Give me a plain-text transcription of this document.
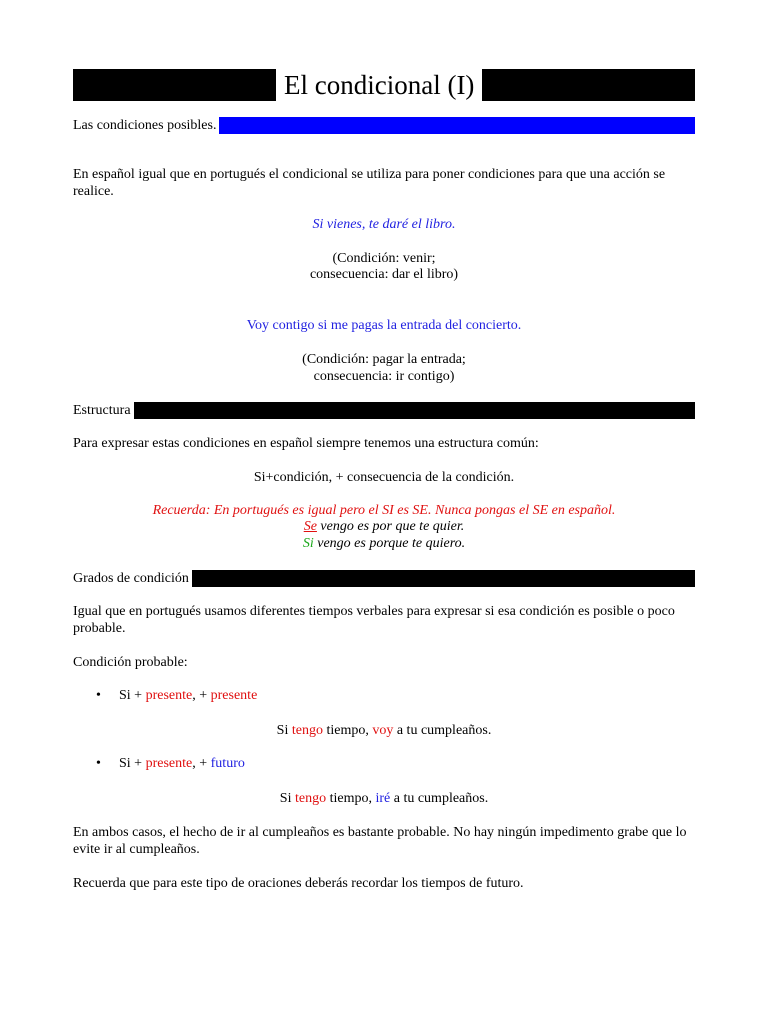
El condicional (I)
Las condiciones posibles.
En español igual que en portugués el condicional se utiliza para poner condiciones para que una acción se realice.
Si vienes, te daré el libro.
(Condición: venir;
consecuencia: dar el libro)
Voy contigo si me pagas la entrada del concierto.
(Condición: pagar la entrada;
consecuencia: ir contigo)
Estructura
Para expresar estas condiciones en español siempre tenemos una estructura común:
Si+condición, + consecuencia de la condición.
Recuerda: En portugués es igual pero el SI es SE. Nunca pongas el SE en español.
Se vengo es por que te quier.
Si vengo es porque te quiero.
Grados de condición
Igual que en portugués usamos diferentes tiempos verbales para expresar si esa condición es posible o poco probable.
Condición probable:
• Si + presente, + presente
Si tengo tiempo, voy a tu cumpleaños.
• Si + presente, + futuro
Si tengo tiempo, iré a tu cumpleaños.
En ambos casos, el hecho de ir al cumpleaños es bastante probable. No hay ningún impedimento grabe que lo evite ir al cumpleaños.
Recuerda que para este tipo de oraciones deberás recordar los tiempos de futuro.
